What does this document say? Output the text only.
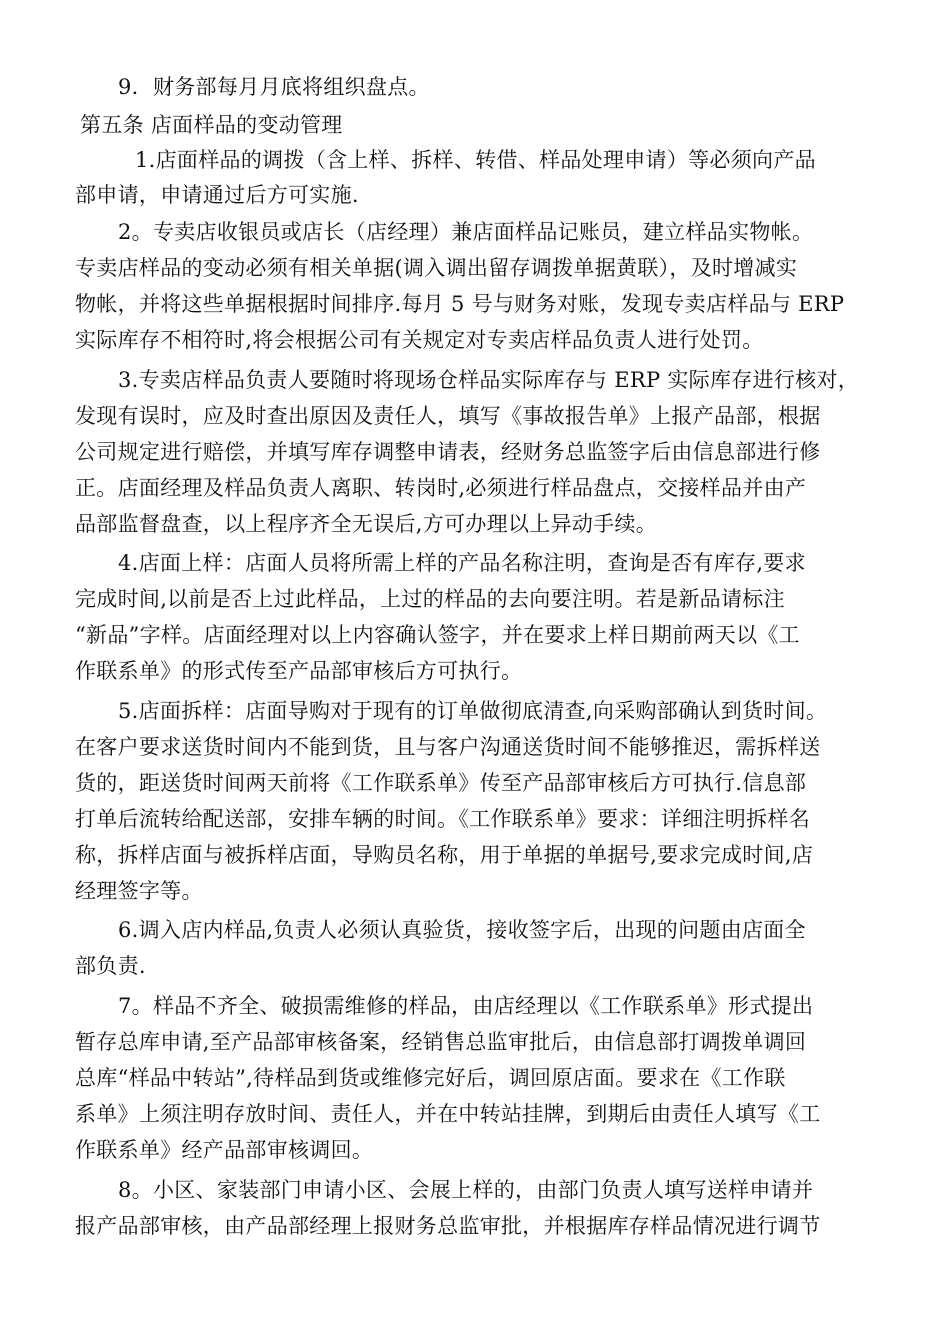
9．财务部每月月底将组织盘点。
第五条 店面样品的变动管理
1.店面样品的调拨（含上样、拆样、转借、样品处理申请）等必须向产品
部申请，申请通过后方可实施.
2。专卖店收银员或店长（店经理）兼店面样品记账员，建立样品实物帐。
专卖店样品的变动必须有相关单据(调入调出留存调拨单据黄联），及时增减实
物帐，并将这些单据根据时间排序.每月 5 号与财务对账，发现专卖店样品与 ERP
实际库存不相符时,将会根据公司有关规定对专卖店样品负责人进行处罚。
3.专卖店样品负责人要随时将现场仓样品实际库存与 ERP 实际库存进行核对，
发现有误时，应及时查出原因及责任人，填写《事故报告单》上报产品部，根据
公司规定进行赔偿，并填写库存调整申请表，经财务总监签字后由信息部进行修
正。店面经理及样品负责人离职、转岗时,必须进行样品盘点，交接样品并由产
品部监督盘查，以上程序齐全无误后,方可办理以上异动手续。
4.店面上样：店面人员将所需上样的产品名称注明，查询是否有库存,要求
完成时间,以前是否上过此样品，上过的样品的去向要注明。若是新品请标注
“新品”字样。店面经理对以上内容确认签字，并在要求上样日期前两天以《工
作联系单》的形式传至产品部审核后方可执行。
5.店面拆样：店面导购对于现有的订单做彻底清查,向采购部确认到货时间。
在客户要求送货时间内不能到货，且与客户沟通送货时间不能够推迟，需拆样送
货的，距送货时间两天前将《工作联系单》传至产品部审核后方可执行.信息部
打单后流转给配送部，安排车辆的时间。《工作联系单》要求：详细注明拆样名
称，拆样店面与被拆样店面，导购员名称，用于单据的单据号,要求完成时间,店
经理签字等。
6.调入店内样品,负责人必须认真验货，接收签字后，出现的问题由店面全
部负责.
7。样品不齐全、破损需维修的样品，由店经理以《工作联系单》形式提出
暂存总库申请,至产品部审核备案，经销售总监审批后，由信息部打调拨单调回
总库“样品中转站”,待样品到货或维修完好后，调回原店面。要求在《工作联
系单》上须注明存放时间、责任人，并在中转站挂牌，到期后由责任人填写《工
作联系单》经产品部审核调回。
8。小区、家装部门申请小区、会展上样的，由部门负责人填写送样申请并
报产品部审核，由产品部经理上报财务总监审批，并根据库存样品情况进行调节
